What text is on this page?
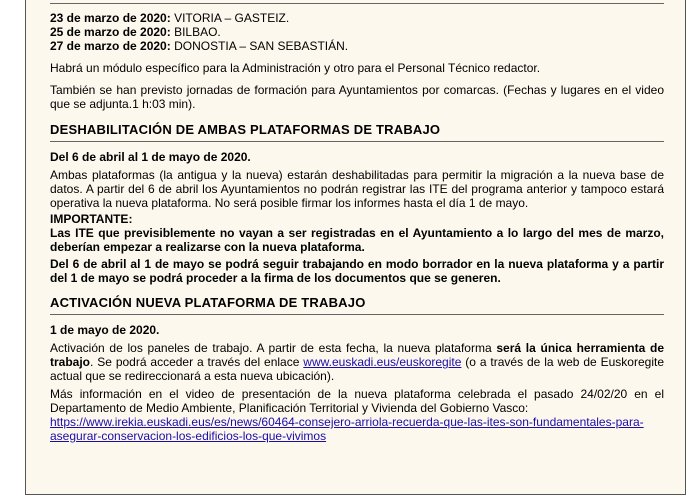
23 de marzo de 2020: VITORIA – GASTEIZ.

25 de marzo de 2020: BILBAO.

27 de marzo de 2020: DONOSTIA – SAN SEBASTIÁN.

Habrá un módulo específico para la Administración y otro para el Personal Técnico redactor.

También se han previsto jornadas de formación para Ayuntamientos por comarcas. (Fechas y lugares en el video que se adjunta.1 h:03 min).

DESHABILITACIÓN DE AMBAS PLATAFORMAS DE TRABAJO

Del 6 de abril al 1 de mayo de 2020.

Ambas plataformas (la antigua y la nueva) estarán deshabilitadas para permitir la migración a la nueva base de datos. A partir del 6 de abril los Ayuntamientos no podrán registrar las ITE del programa anterior y tampoco estará operativa la nueva plataforma. No será posible firmar los informes hasta el día 1 de mayo.

IMPORTANTE:

Las ITE que previsiblemente no vayan a ser registradas en el Ayuntamiento a lo largo del mes de marzo, deberían empezar a realizarse con la nueva plataforma.

Del 6 de abril al 1 de mayo se podrá seguir trabajando en modo borrador en la nueva plataforma y a partir del 1 de mayo se podrá proceder a la firma de los documentos que se generen.

ACTIVACIÓN NUEVA PLATAFORMA DE TRABAJO

1 de mayo de 2020.

Activación de los paneles de trabajo. A partir de esta fecha, la nueva plataforma será la única herramienta de trabajo. Se podrá acceder a través del enlace www.euskadi.eus/euskoregite (o a través de la web de Euskoregite actual que se redireccionará a esta nueva ubicación).

Más información en el video de presentación de la nueva plataforma celebrada el pasado 24/02/20 en el Departamento de Medio Ambiente, Planificación Territorial y Vivienda del Gobierno Vasco:

https://www.irekia.euskadi.eus/es/news/60464-consejero-arriola-recuerda-que-las-ites-son-fundamentales-para-
asegurar-conservacion-los-edificios-los-que-vivimos
